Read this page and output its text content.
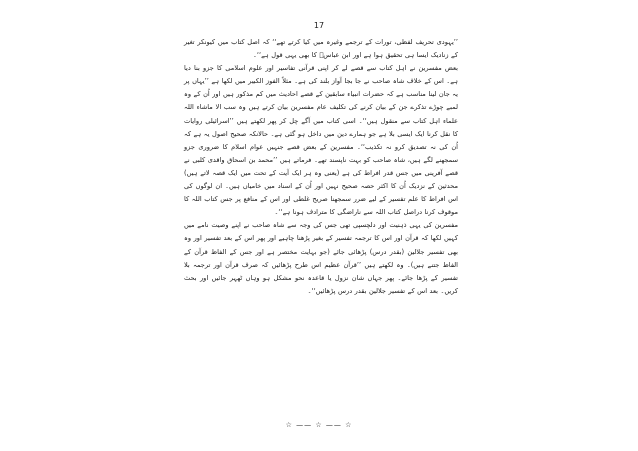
17

’’یہودی تحریف لفظی، تورات کے ترجمے وغیرہ میں کیا کرتے تھے‘‘ کہ اصل کتاب میں کیونکر تغیر کے زنادیک ایسا ہی تحقیق ہوا ہے اور ابن عباسؓ کا بھی یہی قول ہے‘‘۔

بعض مفسرین نے اہل کتاب سے قصے لے کر اپنی قرآنی تفاسیر اور علوم اسلامی کا جزو بنا دیا ہے۔ اس کے خلاف شاہ صاحب نے جا بجا آواز بلند کی ہے۔ مثلاً الفوز الکبیر میں لکھا ہے ’’یہاں پر یہ جان لینا مناسب ہے کہ حضرات انبیاء سابقین کے قصے احادیث میں کم مذکور ہیں اور اُن کے وہ لمبے چوڑے تذکرے جن کے بیان کرنے کی تکلیف عام مفسرین بیان کرتے ہیں وہ سب الا ماشاء اللہ علماء اہل کتاب سے منقول ہیں‘‘۔ اسی کتاب میں آگے چل کر پھر لکھتے ہیں ’’اسرائیلی روایات کا نقل کرنا ایک ایسی بلا ہے جو ہمارے دین میں داخل ہو گئی ہے۔ حالانکہ صحیح اصول یہ ہے کہ اُن کی نہ تصدیق کرو نہ تکذیب‘‘۔ مفسرین کے بعض قصے جنہیں عوام اسلام کا ضروری جزو سمجھنے لگے ہیں، شاہ صاحب کو بہت ناپسند تھے۔ فرماتے ہیں ’’محمد بن اسحاق واقدی کلبی نے قصے آفرینی میں جس قدر افراط کی ہے (یعنی وہ ہر ایک آیت کے تحت میں ایک قصہ لاتے ہیں) محدثین کے نزدیک اُن کا اکثر حصہ صحیح نہیں اور اُن کے اسناد میں خامیاں ہیں۔ ان لوگوں کی اس افراط کا علم تفسیر کے لیے ضرر سمجھنا صریح غلطی اور اس کے منافع پر جس کتاب اللہ کا موقوف کرنا دراصل کتاب اللہ سے ناراضگی کا مترادف ہونا ہے‘‘۔

مفسرین کی یہی ذہنیت اور دلچسپی تھی جس کی وجہ سے شاہ صاحب نے اپنے وصیت نامے میں کہیں لکھا کہ قرآن اور اس کا ترجمہ تفسیر کے بغیر پڑھنا چاہیے اور پھر اس کے بعد تفسیر اور وہ بھی تفسیر جلالین (بقدر درس) پڑھائی جائے (جو بہایت مختصر ہے اور جس کے الفاظ قرآن کے الفاظ جتنے ہیں)۔ وہ لکھتے ہیں ’’قرآن عظیم اس طرح پڑھائیں کہ صرف قرآن اور ترجمہ بلا تفسیر کے پڑھا جائے۔ پھر جہاں شان نزول یا قاعدہ نحو مشکل ہو وہاں ٹھہر جائیں اور بحث کریں۔ بعد اس کے تفسیر جلالین بقدر درس پڑھائیں‘‘۔

☆ —— ☆ —— ☆
